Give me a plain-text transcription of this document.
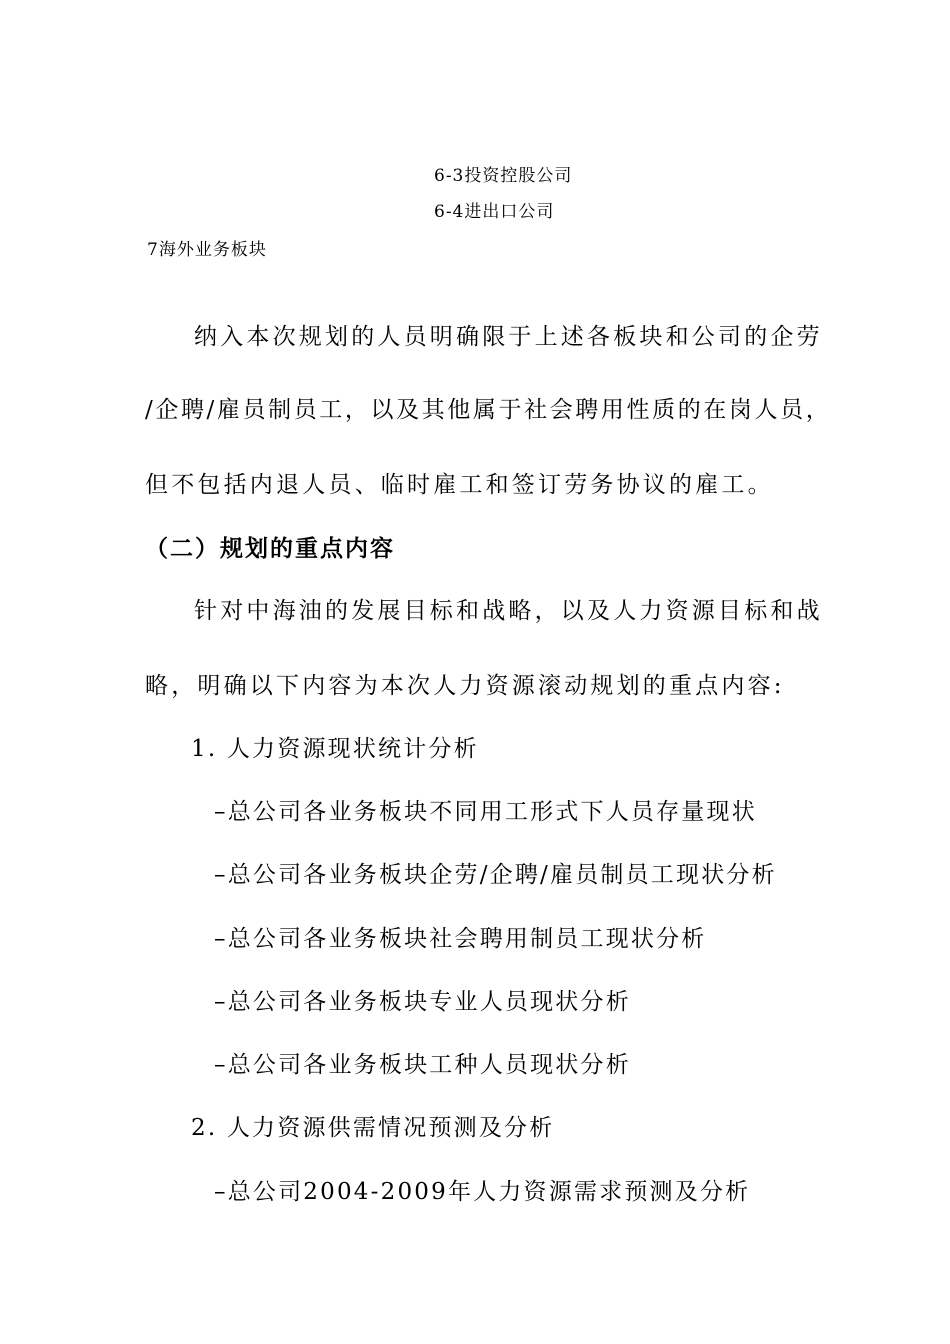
6-3投资控股公司
6-4进出口公司
7海外业务板块
纳入本次规划的人员明确限于上述各板块和公司的企劳
/企聘/雇员制员工，以及其他属于社会聘用性质的在岗人员，
但不包括内退人员、临时雇工和签订劳务协议的雇工。
（二）规划的重点内容
针对中海油的发展目标和战略，以及人力资源目标和战
略，明确以下内容为本次人力资源滚动规划的重点内容:
1. 人力资源现状统计分析
–总公司各业务板块不同用工形式下人员存量现状
–总公司各业务板块企劳/企聘/雇员制员工现状分析
–总公司各业务板块社会聘用制员工现状分析
–总公司各业务板块专业人员现状分析
–总公司各业务板块工种人员现状分析
2. 人力资源供需情况预测及分析
–总公司2004-2009年人力资源需求预测及分析
